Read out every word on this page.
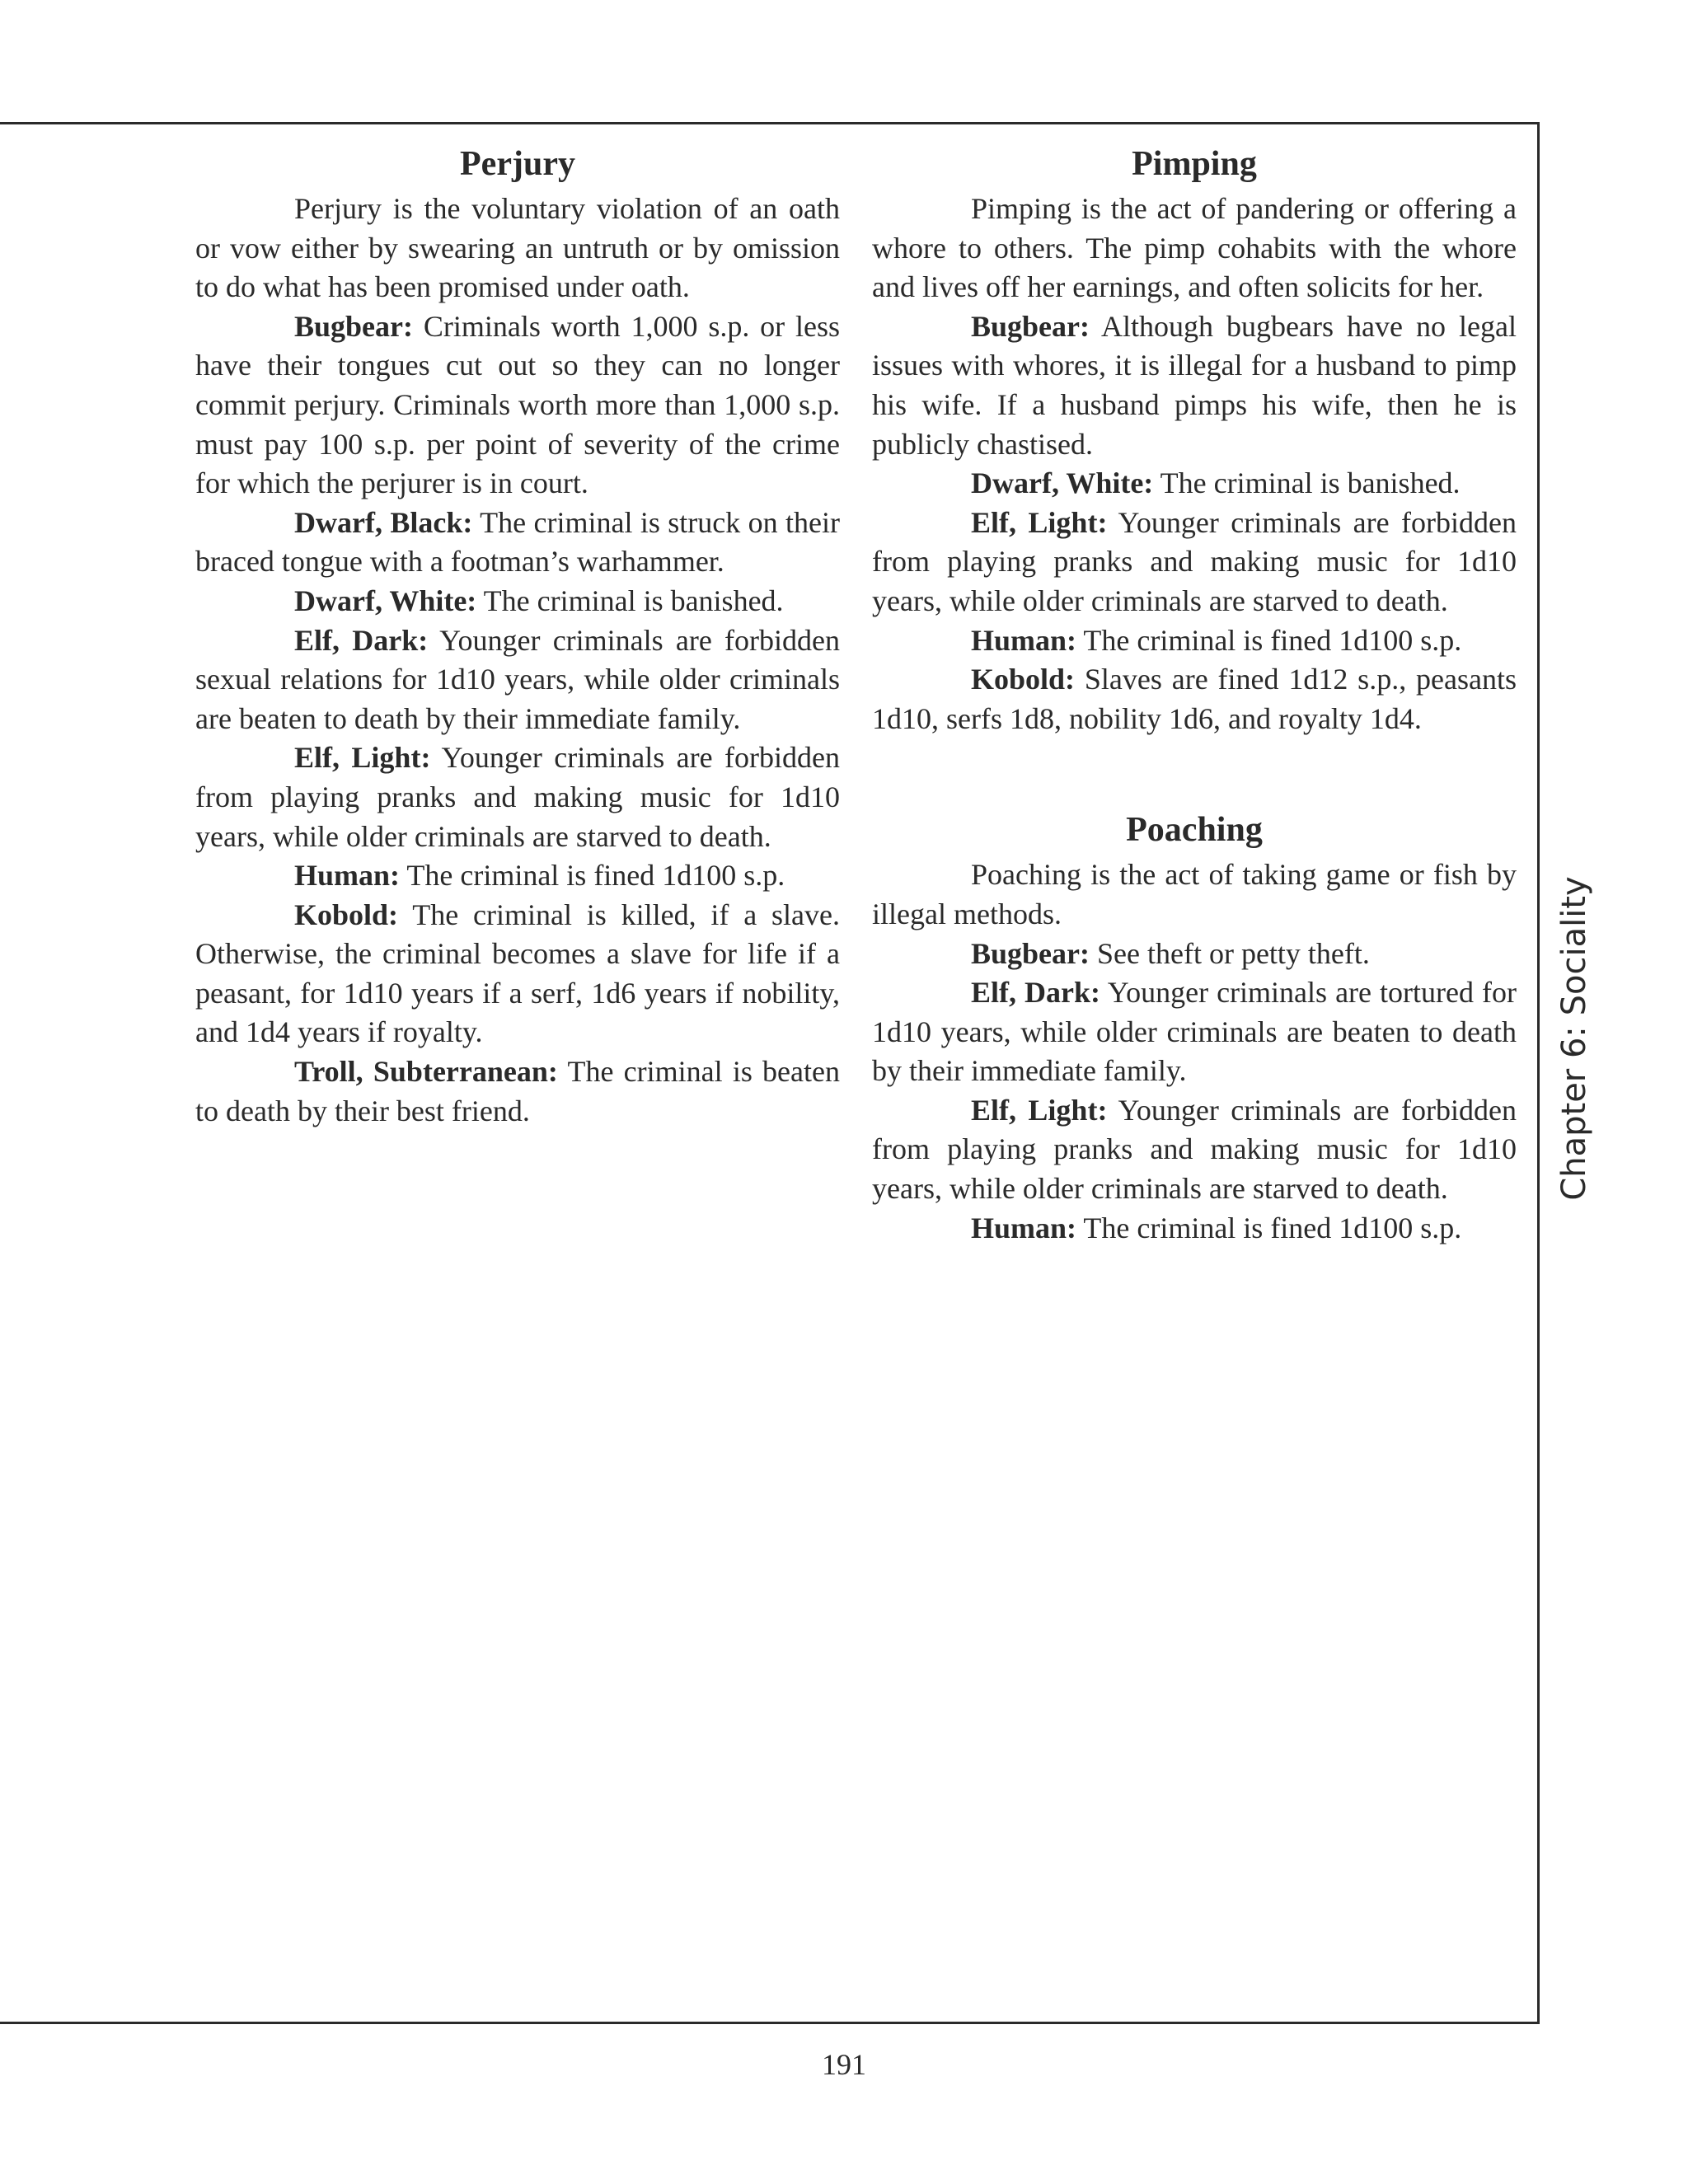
Perjury

Perjury is the voluntary violation of an oath or vow either by swearing an untruth or by omission to do what has been promised under oath.

Bugbear: Criminals worth 1,000 s.p. or less have their tongues cut out so they can no longer commit perjury. Criminals worth more than 1,000 s.p. must pay 100 s.p. per point of severity of the crime for which the perjurer is in court.

Dwarf, Black: The criminal is struck on their braced tongue with a footman’s warhammer.

Dwarf, White: The criminal is banished.

Elf, Dark: Younger criminals are forbidden sexual relations for 1d10 years, while older criminals are beaten to death by their immediate family.

Elf, Light: Younger criminals are forbidden from playing pranks and making music for 1d10 years, while older criminals are starved to death.

Human: The criminal is fined 1d100 s.p.

Kobold: The criminal is killed, if a slave. Otherwise, the criminal becomes a slave for life if a peasant, for 1d10 years if a serf, 1d6 years if nobility, and 1d4 years if royalty.

Troll, Subterranean: The criminal is beaten to death by their best friend.

Pimping

Pimping is the act of pandering or offering a whore to others. The pimp cohabits with the whore and lives off her earnings, and often solicits for her.

Bugbear: Although bugbears have no legal issues with whores, it is illegal for a husband to pimp his wife. If a husband pimps his wife, then he is publicly chastised.

Dwarf, White: The criminal is banished.

Elf, Light: Younger criminals are forbidden from playing pranks and making music for 1d10 years, while older criminals are starved to death.

Human: The criminal is fined 1d100 s.p.

Kobold: Slaves are fined 1d12 s.p., peasants 1d10, serfs 1d8, nobility 1d6, and royalty 1d4.

Poaching

Poaching is the act of taking game or fish by illegal methods.

Bugbear: See theft or petty theft.

Elf, Dark: Younger criminals are tortured for 1d10 years, while older criminals are beaten to death by their immediate family.

Elf, Light: Younger criminals are forbidden from playing pranks and making music for 1d10 years, while older criminals are starved to death.

Human: The criminal is fined 1d100 s.p.

Chapter 6: Sociality
191
